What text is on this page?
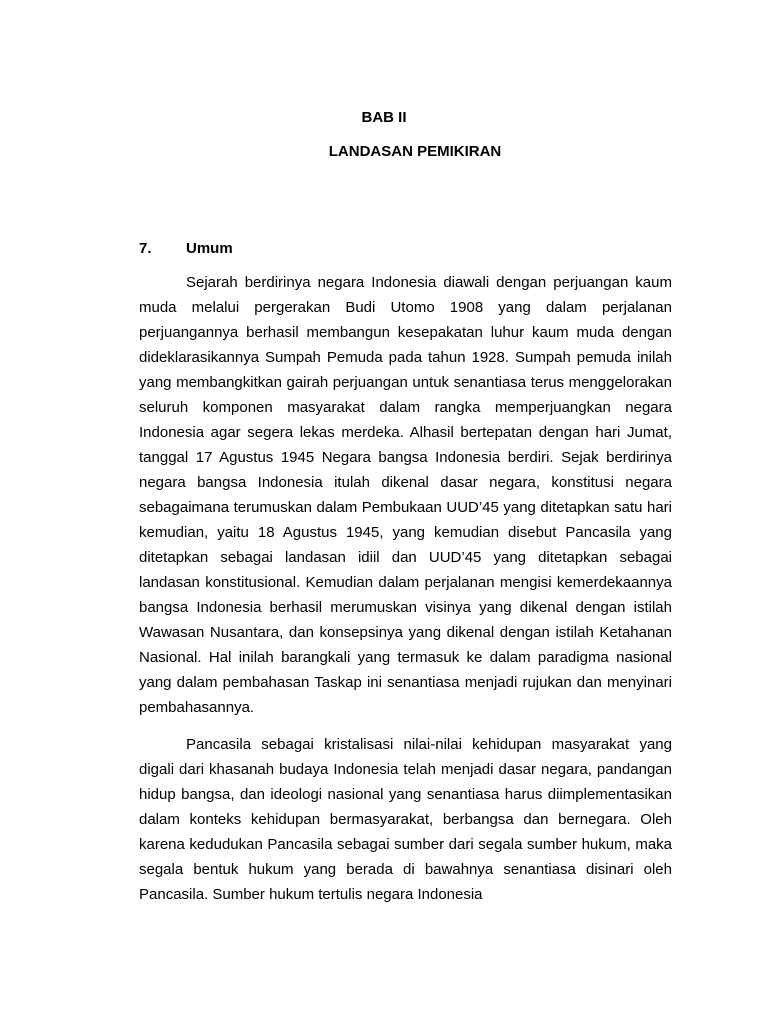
BAB II
LANDASAN PEMIKIRAN
7. Umum

Sejarah berdirinya negara Indonesia diawali dengan perjuangan kaum muda melalui pergerakan Budi Utomo 1908 yang dalam perjalanan perjuangannya berhasil membangun kesepakatan luhur kaum muda dengan dideklarasikannya Sumpah Pemuda pada tahun 1928. Sumpah pemuda inilah yang membangkitkan gairah perjuangan untuk senantiasa terus menggelorakan seluruh komponen masyarakat dalam rangka memperjuangkan negara Indonesia agar segera lekas merdeka. Alhasil bertepatan dengan hari Jumat, tanggal 17 Agustus 1945 Negara bangsa Indonesia berdiri. Sejak berdirinya negara bangsa Indonesia itulah dikenal dasar negara, konstitusi negara sebagaimana terumuskan dalam Pembukaan UUD’45 yang ditetapkan satu hari kemudian, yaitu 18 Agustus 1945, yang kemudian disebut Pancasila yang ditetapkan sebagai landasan idiil dan UUD’45 yang ditetapkan sebagai landasan konstitusional. Kemudian dalam perjalanan mengisi kemerdekaannya bangsa Indonesia berhasil merumuskan visinya yang dikenal dengan istilah Wawasan Nusantara, dan konsepsinya yang dikenal dengan istilah Ketahanan Nasional. Hal inilah barangkali yang termasuk ke dalam paradigma nasional yang dalam pembahasan Taskap ini senantiasa menjadi rujukan dan menyinari pembahasannya.

Pancasila sebagai kristalisasi nilai-nilai kehidupan masyarakat yang digali dari khasanah budaya Indonesia telah menjadi dasar negara, pandangan hidup bangsa, dan ideologi nasional yang senantiasa harus diimplementasikan dalam konteks kehidupan bermasyarakat, berbangsa dan bernegara. Oleh karena kedudukan Pancasila sebagai sumber dari segala sumber hukum, maka segala bentuk hukum yang berada di bawahnya senantiasa disinari oleh Pancasila. Sumber hukum tertulis negara Indonesia
